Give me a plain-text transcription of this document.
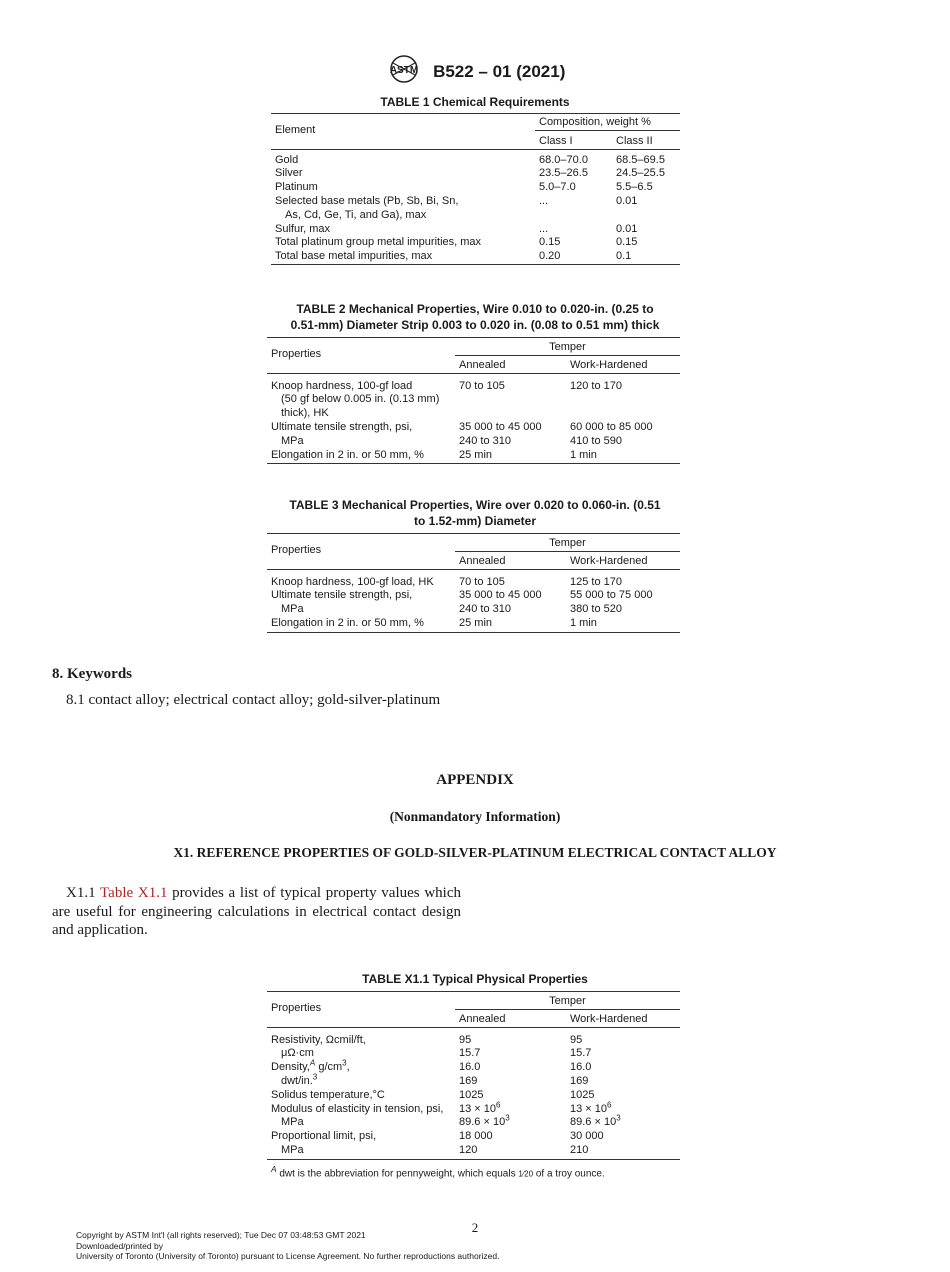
ASTM B522 – 01 (2021)
TABLE 1 Chemical Requirements
Element	Composition, weight %	
	Class I	Class II
Gold	68.0–70.0	68.5–69.5
Silver	23.5–26.5	24.5–25.5
Platinum	5.0–7.0	5.5–6.5
Selected base metals (Pb, Sb, Bi, Sn,	...	0.01
As, Cd, Ge, Ti, and Ga), max		
Sulfur, max	...	0.01
Total platinum group metal impurities, max	0.15	0.15
Total base metal impurities, max	0.20	0.1
TABLE 2 Mechanical Properties, Wire 0.010 to 0.020-in. (0.25 to
0.51-mm) Diameter Strip 0.003 to 0.020 in. (0.08 to 0.51 mm) thick
Properties	Temper	
	Annealed	Work-Hardened
Knoop hardness, 100-gf load	70 to 105	120 to 170
(50 gf below 0.005 in. (0.13 mm)		
thick), HK		
Ultimate tensile strength, psi,	35 000 to 45 000	60 000 to 85 000
MPa	240 to 310	410 to 590
Elongation in 2 in. or 50 mm, %	25 min	1 min
TABLE 3 Mechanical Properties, Wire over 0.020 to 0.060-in. (0.51
to 1.52-mm) Diameter
Properties	Temper	
	Annealed	Work-Hardened
Knoop hardness, 100-gf load, HK	70 to 105	125 to 170
Ultimate tensile strength, psi,	35 000 to 45 000	55 000 to 75 000
MPa	240 to 310	380 to 520
Elongation in 2 in. or 50 mm, %	25 min	1 min
8. Keywords
8.1 contact alloy; electrical contact alloy; gold-silver-platinum
APPENDIX
(Nonmandatory Information)
X1. REFERENCE PROPERTIES OF GOLD-SILVER-PLATINUM ELECTRICAL CONTACT ALLOY
X1.1 Table X1.1 provides a list of typical property values which are useful for engineering calculations in electrical contact design and application.
TABLE X1.1 Typical Physical Properties
Properties	Temper	
	Annealed	Work-Hardened
Resistivity, Ωcmil/ft,	95	95
μΩ·cm	15.7	15.7
Density,$^A$ $g/cm^3$,	16.0	16.0
dwt/in.$^3$	169	169
Solidus temperature,°C	1025	1025
Modulus of elasticity in tension, psi,	$13 \times 10^6$	$13 \times 10^6$
MPa	$89.6 \times 10^3$	$89.6 \times 10^3$
Proportional limit, psi,	18 000	30 000
MPa	120	210
$^A$ dwt is the abbreviation for pennyweight, which equals 1⁄20 of a troy ounce.
2
Copyright by ASTM Int'l (all rights reserved); Tue Dec 07 03:48:53 GMT 2021
Downloaded/printed by
University of Toronto (University of Toronto) pursuant to License Agreement. No further reproductions authorized.
